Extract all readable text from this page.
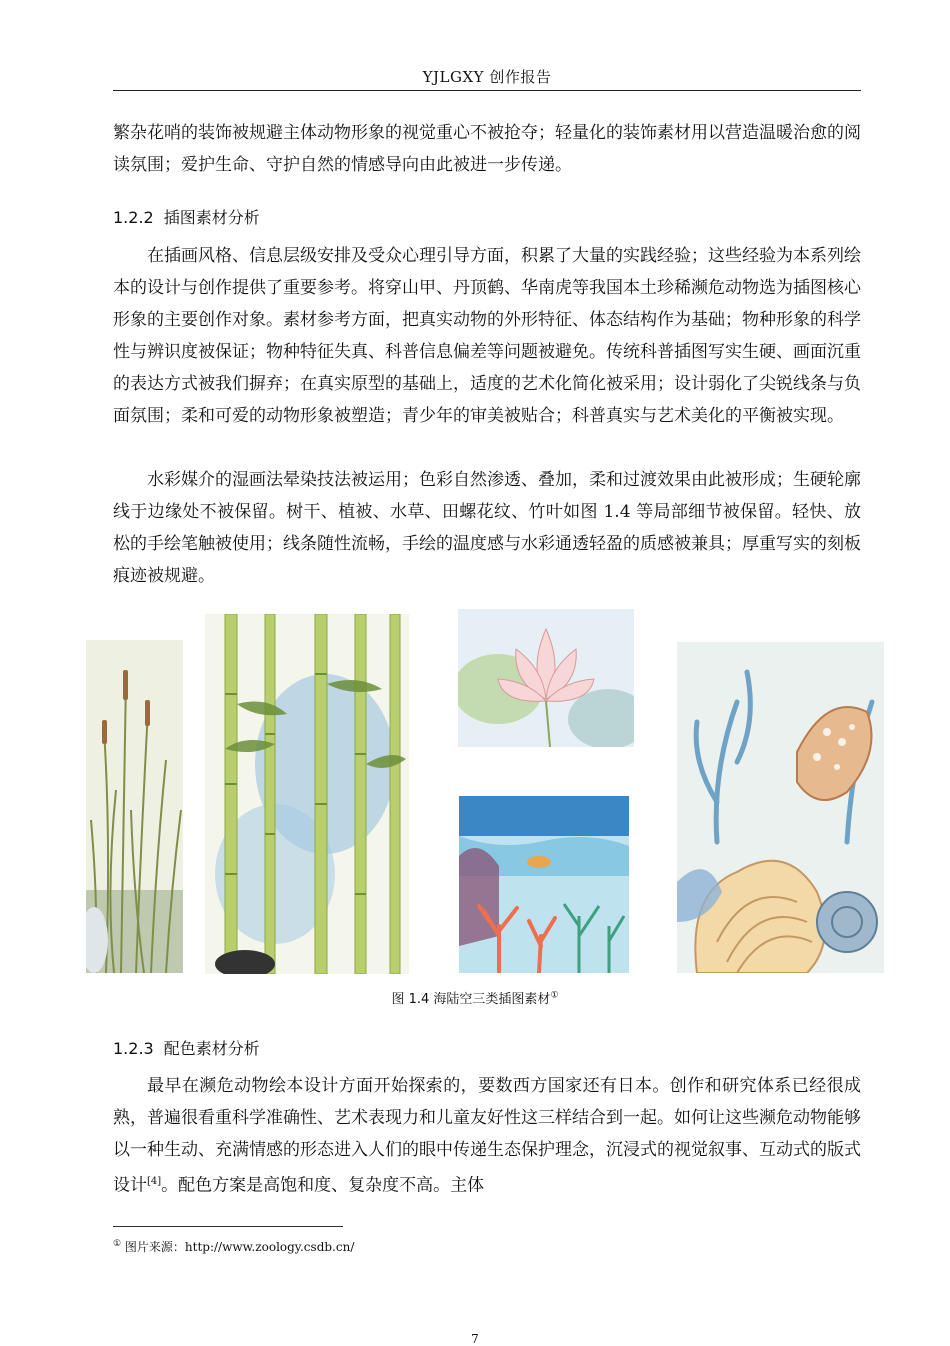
YJLGXY 创作报告

繁杂花哨的装饰被规避主体动物形象的视觉重心不被抢夺；轻量化的装饰素材用以营造温暖治愈的阅读氛围；爱护生命、守护自然的情感导向由此被进一步传递。

1.2.2 插图素材分析

在插画风格、信息层级安排及受众心理引导方面，积累了大量的实践经验；这些经验为本系列绘本的设计与创作提供了重要参考。将穿山甲、丹顶鹤、华南虎等我国本土珍稀濒危动物选为插图核心形象的主要创作对象。素材参考方面，把真实动物的外形特征、体态结构作为基础；物种形象的科学性与辨识度被保证；物种特征失真、科普信息偏差等问题被避免。传统科普插图写实生硬、画面沉重的表达方式被我们摒弃；在真实原型的基础上，适度的艺术化简化被采用；设计弱化了尖锐线条与负面氛围；柔和可爱的动物形象被塑造；青少年的审美被贴合；科普真实与艺术美化的平衡被实现。

水彩媒介的湿画法晕染技法被运用；色彩自然渗透、叠加，柔和过渡效果由此被形成；生硬轮廓线于边缘处不被保留。树干、植被、水草、田螺花纹、竹叶如图 1.4 等局部细节被保留。轻快、放松的手绘笔触被使用；线条随性流畅，手绘的温度感与水彩通透轻盈的质感被兼具；厚重写实的刻板痕迹被规避。

图 1.4 海陆空三类插图素材①
1.2.3 配色素材分析

最早在濒危动物绘本设计方面开始探索的，要数西方国家还有日本。创作和研究体系已经很成熟，普遍很看重科学准确性、艺术表现力和儿童友好性这三样结合到一起。如何让这些濒危动物能够以一种生动、充满情感的形态进入人们的眼中传递生态保护理念，沉浸式的视觉叙事、互动式的版式设计[4]。配色方案是高饱和度、复杂度不高。主体

① 图片来源：http://www.zoology.csdb.cn/
7
